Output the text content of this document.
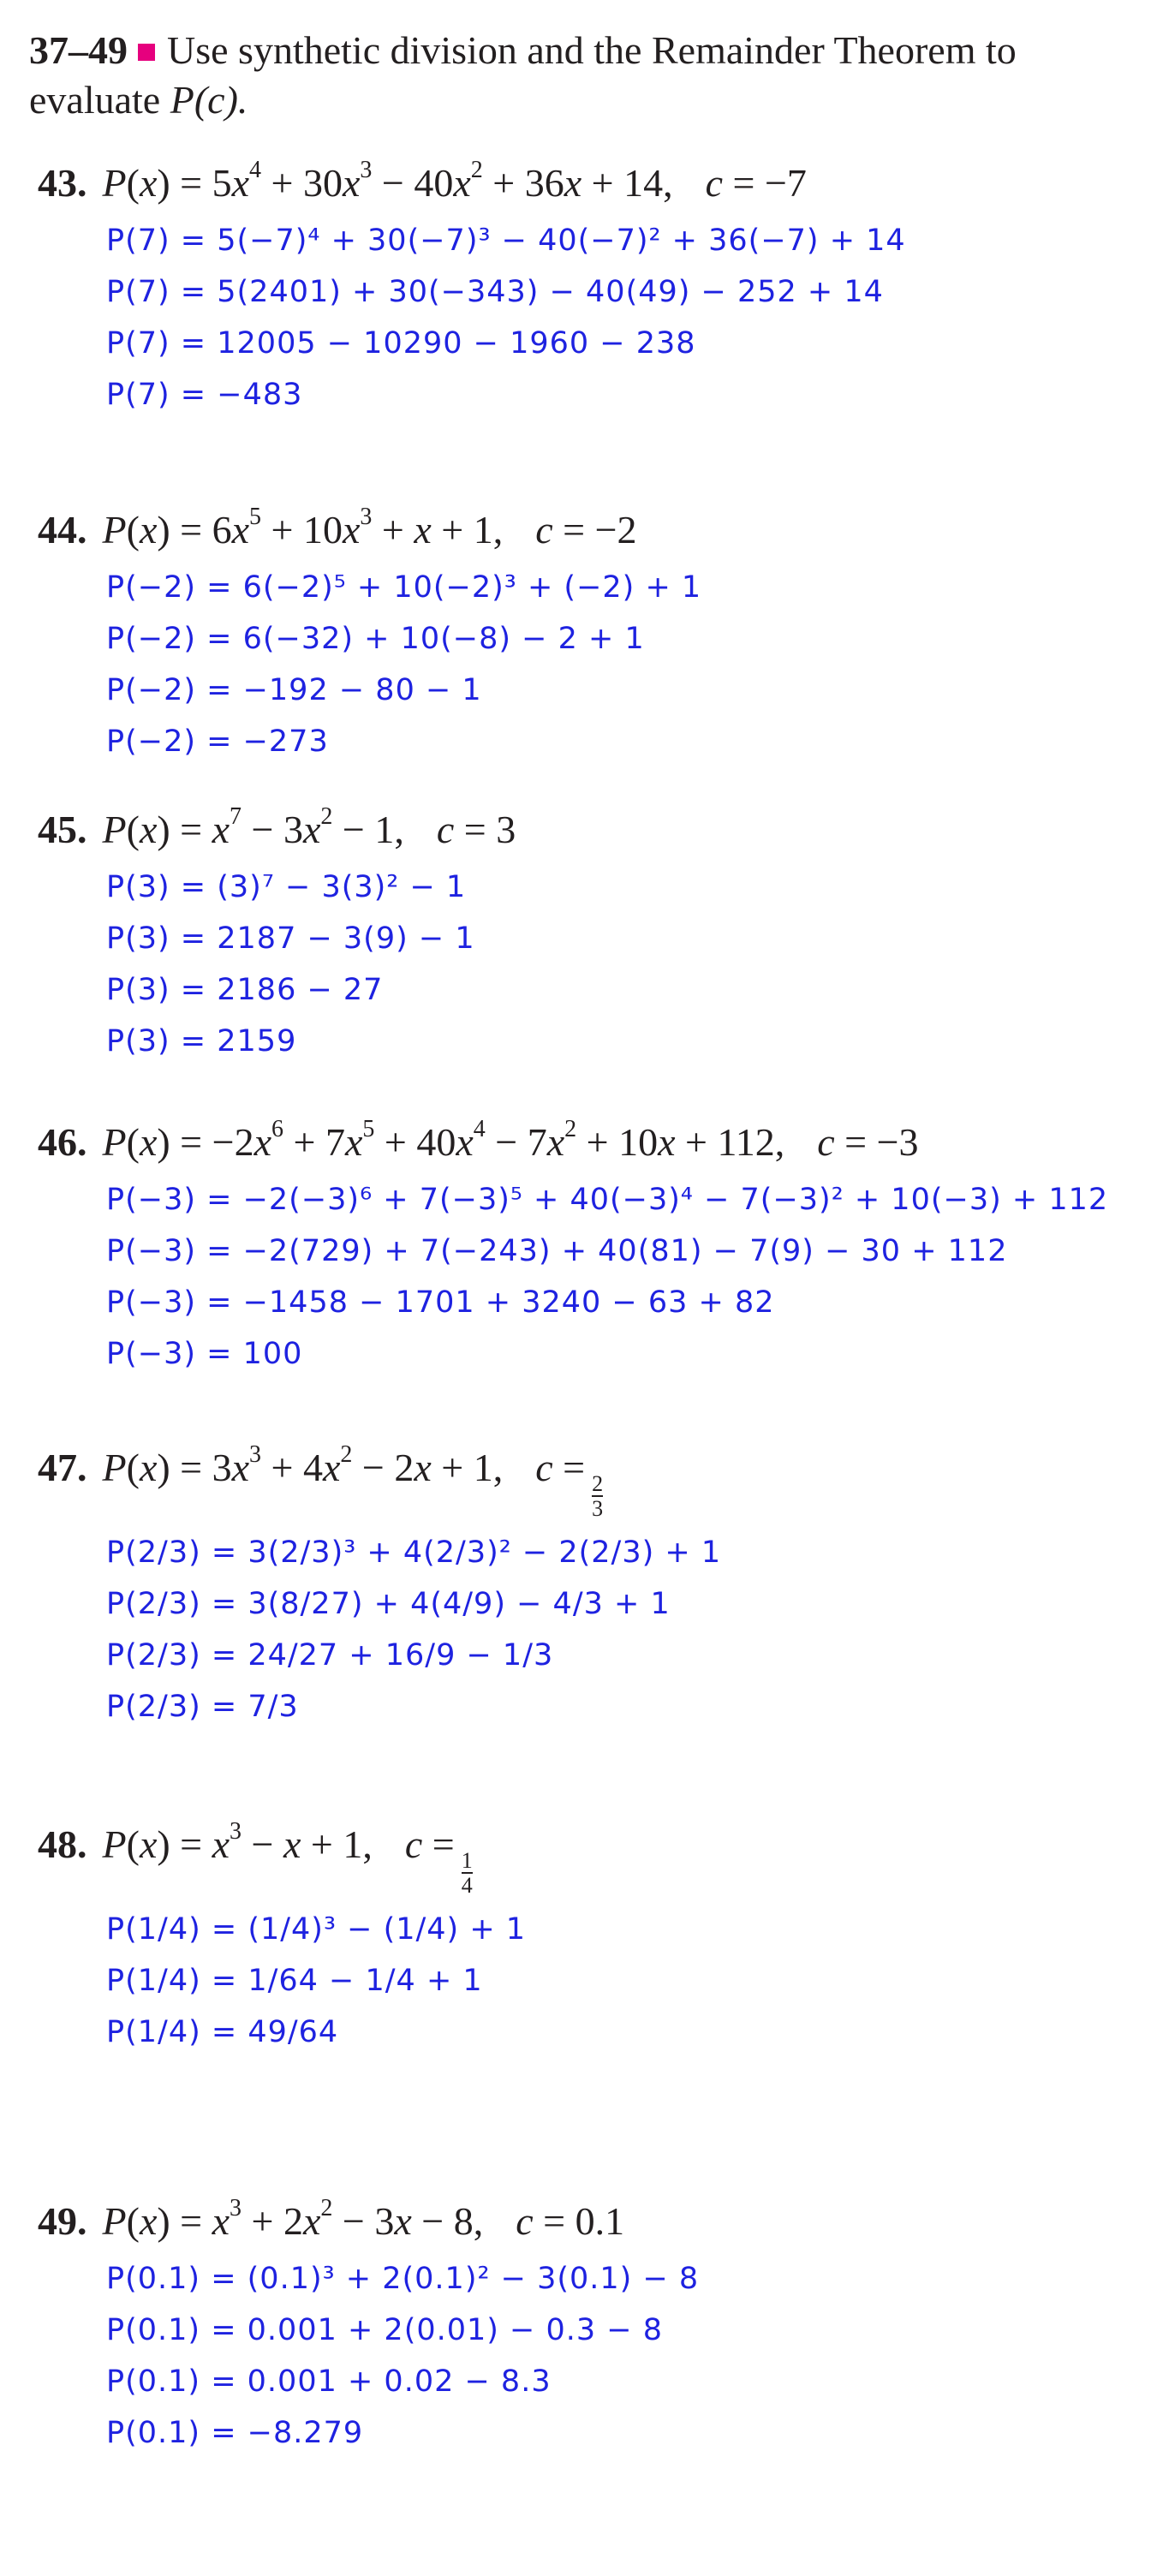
37–49 Use synthetic division and the Remainder Theorem to
evaluate P(c).
43. $P(x) = 5x^4 + 30x^3 - 40x^2 + 36x + 14$, c = −7
P(7) = 5(−7)⁴ + 30(−7)³ − 40(−7)² + 36(−7) + 14
P(7) = 5(2401) + 30(−343) − 40(49) − 252 + 14
P(7) = 12005 − 10290 − 1960 − 238
P(7) = −483
44. $P(x) = 6x^5 + 10x^3 + x + 1$, c = −2
P(−2) = 6(−2)⁵ + 10(−2)³ + (−2) + 1
P(−2) = 6(−32) + 10(−8) − 2 + 1
P(−2) = −192 − 80 − 1
P(−2) = −273
45. $P(x) = x^7 - 3x^2 - 1$, c = 3
P(3) = (3)⁷ − 3(3)² − 1
P(3) = 2187 − 3(9) − 1
P(3) = 2186 − 27
P(3) = 2159
46. $P(x) = -2x^6 + 7x^5 + 40x^4 - 7x^2 + 10x + 112$, c = −3
P(−3) = −2(−3)⁶ + 7(−3)⁵ + 40(−3)⁴ − 7(−3)² + 10(−3) + 112
P(−3) = −2(729) + 7(−243) + 40(81) − 7(9) − 30 + 112
P(−3) = −1458 − 1701 + 3240 − 63 + 82
P(−3) = 100
47. $P(x) = 3x^3 + 4x^2 - 2x + 1$, c =
$\frac{2}{3}$
P(2/3) = 3(2/3)³ + 4(2/3)² − 2(2/3) + 1
P(2/3) = 3(8/27) + 4(4/9) − 4/3 + 1
P(2/3) = 24/27 + 16/9 − 1/3
P(2/3) = 7/3
48. $P(x) = x^3 - x + 1$, c =
$\frac{1}{4}$
P(1/4) = (1/4)³ − (1/4) + 1
P(1/4) = 1/64 − 1/4 + 1
P(1/4) = 49/64
49. $P(x) = x^3 + 2x^2 - 3x - 8$, c = 0.1
P(0.1) = (0.1)³ + 2(0.1)² − 3(0.1) − 8
P(0.1) = 0.001 + 2(0.01) − 0.3 − 8
P(0.1) = 0.001 + 0.02 − 8.3
P(0.1) = −8.279
